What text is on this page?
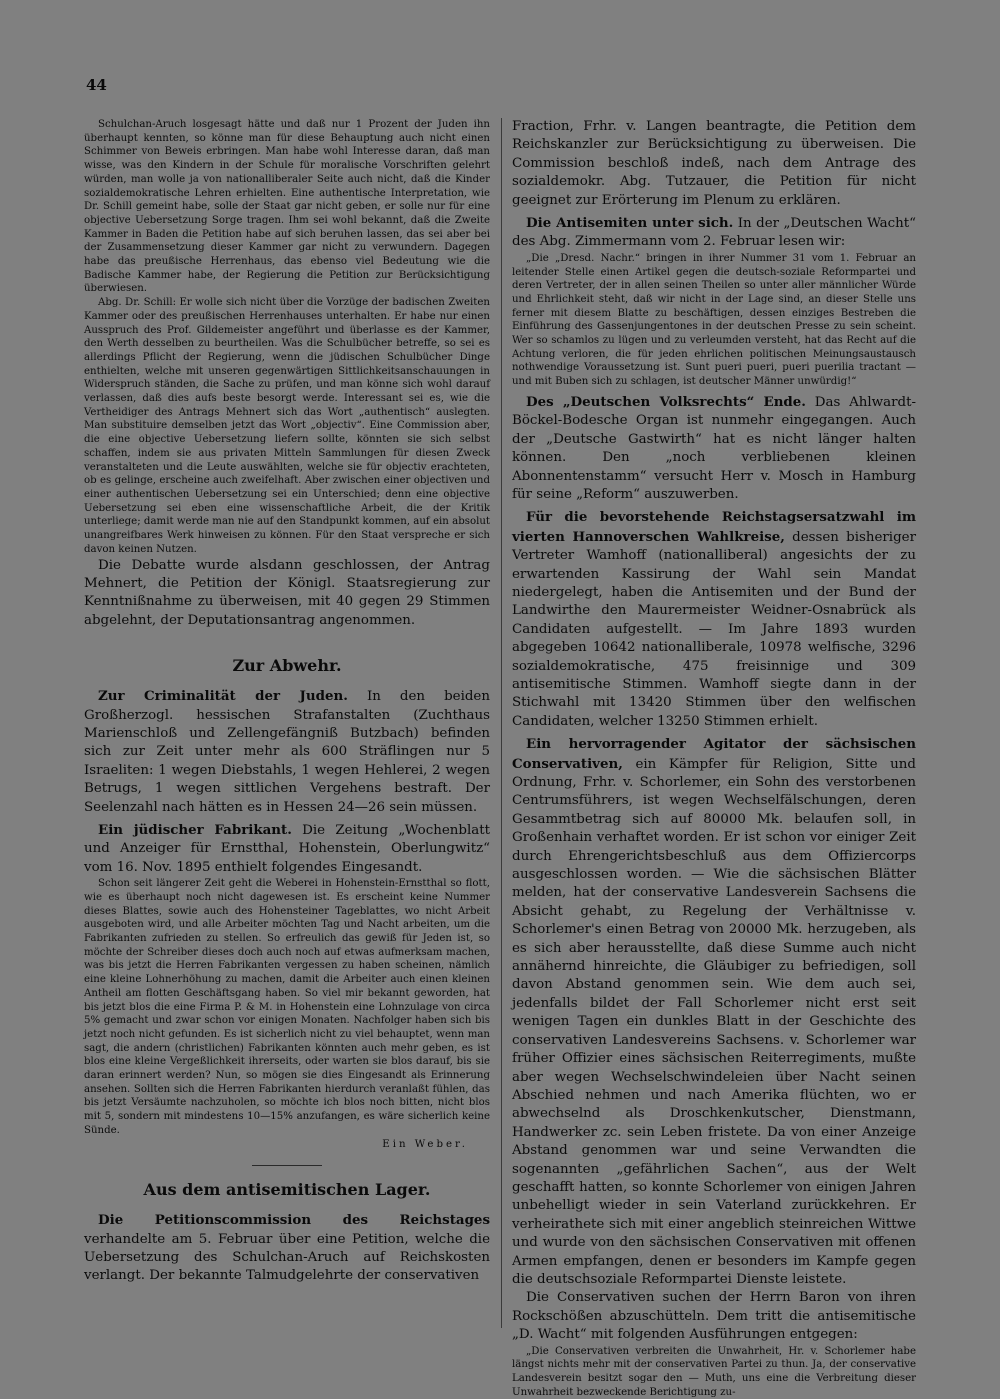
44

Schulchan-Aruch losgesagt hätte und daß nur 1 Prozent der Juden ihn überhaupt kennten, so könne man für diese Behauptung auch nicht einen Schimmer von Beweis erbringen. Man habe wohl Interesse daran, daß man wisse, was den Kindern in der Schule für moralische Vorschriften gelehrt würden, man wolle ja von nationalliberaler Seite auch nicht, daß die Kinder sozialdemokratische Lehren erhielten. Eine authentische Interpretation, wie Dr. Schill gemeint habe, solle der Staat gar nicht geben, er solle nur für eine objective Uebersetzung Sorge tragen. Ihm sei wohl bekannt, daß die Zweite Kammer in Baden die Petition habe auf sich beruhen lassen, das sei aber bei der Zusammensetzung dieser Kammer gar nicht zu verwundern. Dagegen habe das preußische Herrenhaus, das ebenso viel Bedeutung wie die Badische Kammer habe, der Regierung die Petition zur Berücksichtigung überwiesen.

Abg. Dr. Schill: Er wolle sich nicht über die Vorzüge der badischen Zweiten Kammer oder des preußischen Herrenhauses unterhalten. Er habe nur einen Ausspruch des Prof. Gildemeister angeführt und überlasse es der Kammer, den Werth desselben zu beurtheilen. Was die Schulbücher betreffe, so sei es allerdings Pflicht der Regierung, wenn die jüdischen Schulbücher Dinge enthielten, welche mit unseren gegenwärtigen Sittlichkeitsanschauungen in Widerspruch ständen, die Sache zu prüfen, und man könne sich wohl darauf verlassen, daß dies aufs beste besorgt werde. Interessant sei es, wie die Vertheidiger des Antrags Mehnert sich das Wort „authentisch“ auslegten. Man substituire demselben jetzt das Wort „objectiv“. Eine Commission aber, die eine objective Uebersetzung liefern sollte, könnten sie sich selbst schaffen, indem sie aus privaten Mitteln Sammlungen für diesen Zweck veranstalteten und die Leute auswählten, welche sie für objectiv erachteten, ob es gelinge, erscheine auch zweifelhaft. Aber zwischen einer objectiven und einer authentischen Uebersetzung sei ein Unterschied; denn eine objective Uebersetzung sei eben eine wissenschaftliche Arbeit, die der Kritik unterliege; damit werde man nie auf den Standpunkt kommen, auf ein absolut unangreifbares Werk hinweisen zu können. Für den Staat verspreche er sich davon keinen Nutzen.

Die Debatte wurde alsdann geschlossen, der Antrag Mehnert, die Petition der Königl. Staatsregierung zur Kenntnißnahme zu überweisen, mit 40 gegen 29 Stimmen abgelehnt, der Deputationsantrag angenommen.

Zur Abwehr.

Zur Criminalität der Juden. In den beiden Großherzogl. hessischen Strafanstalten (Zuchthaus Marienschloß und Zellengefängniß Butzbach) befinden sich zur Zeit unter mehr als 600 Sträflingen nur 5 Israeliten: 1 wegen Diebstahls, 1 wegen Hehlerei, 2 wegen Betrugs, 1 wegen sittlichen Vergehens bestraft. Der Seelenzahl nach hätten es in Hessen 24—26 sein müssen.

Ein jüdischer Fabrikant. Die Zeitung „Wochenblatt und Anzeiger für Ernstthal, Hohenstein, Oberlungwitz“ vom 16. Nov. 1895 enthielt folgendes Eingesandt.

Schon seit längerer Zeit geht die Weberei in Hohenstein-Ernstthal so flott, wie es überhaupt noch nicht dagewesen ist. Es erscheint keine Nummer dieses Blattes, sowie auch des Hohensteiner Tageblattes, wo nicht Arbeit ausgeboten wird, und alle Arbeiter möchten Tag und Nacht arbeiten, um die Fabrikanten zufrieden zu stellen. So erfreulich das gewiß für Jeden ist, so möchte der Schreiber dieses doch auch noch auf etwas aufmerksam machen, was bis jetzt die Herren Fabrikanten vergessen zu haben scheinen, nämlich eine kleine Lohnerhöhung zu machen, damit die Arbeiter auch einen kleinen Antheil am flotten Geschäftsgang haben. So viel mir bekannt geworden, hat bis jetzt blos die eine Firma P. & M. in Hohenstein eine Lohnzulage von circa 5% gemacht und zwar schon vor einigen Monaten. Nachfolger haben sich bis jetzt noch nicht gefunden. Es ist sicherlich nicht zu viel behauptet, wenn man sagt, die andern (christlichen) Fabrikanten könnten auch mehr geben, es ist blos eine kleine Vergeßlichkeit ihrerseits, oder warten sie blos darauf, bis sie daran erinnert werden? Nun, so mögen sie dies Eingesandt als Erinnerung ansehen. Sollten sich die Herren Fabrikanten hierdurch veranlaßt fühlen, das bis jetzt Versäumte nachzuholen, so möchte ich blos noch bitten, nicht blos mit 5, sondern mit mindestens 10—15% anzufangen, es wäre sicherlich keine Sünde.

Ein Weber.

Aus dem antisemitischen Lager.

Die Petitionscommission des Reichstages verhandelte am 5. Februar über eine Petition, welche die Uebersetzung des Schulchan-Aruch auf Reichskosten verlangt. Der bekannte Talmudgelehrte der conservativen

Fraction, Frhr. v. Langen beantragte, die Petition dem Reichskanzler zur Berücksichtigung zu überweisen. Die Commission beschloß indeß, nach dem Antrage des sozialdemokr. Abg. Tutzauer, die Petition für nicht geeignet zur Erörterung im Plenum zu erklären.

Die Antisemiten unter sich. In der „Deutschen Wacht“ des Abg. Zimmermann vom 2. Februar lesen wir:

„Die „Dresd. Nachr.“ bringen in ihrer Nummer 31 vom 1. Februar an leitender Stelle einen Artikel gegen die deutsch-soziale Reformpartei und deren Vertreter, der in allen seinen Theilen so unter aller männlicher Würde und Ehrlichkeit steht, daß wir nicht in der Lage sind, an dieser Stelle uns ferner mit diesem Blatte zu beschäftigen, dessen einziges Bestreben die Einführung des Gassenjungentones in der deutschen Presse zu sein scheint. Wer so schamlos zu lügen und zu verleumden versteht, hat das Recht auf die Achtung verloren, die für jeden ehrlichen politischen Meinungsaustausch nothwendige Voraussetzung ist. Sunt pueri pueri, pueri puerilia tractant — und mit Buben sich zu schlagen, ist deutscher Männer unwürdig!“

Des „Deutschen Volksrechts“ Ende. Das Ahlwardt-Böckel-Bodesche Organ ist nunmehr eingegangen. Auch der „Deutsche Gastwirth“ hat es nicht länger halten können. Den „noch verbliebenen kleinen Abonnentenstamm“ versucht Herr v. Mosch in Hamburg für seine „Reform“ auszuwerben.

Für die bevorstehende Reichstagsersatzwahl im vierten Hannoverschen Wahlkreise, dessen bisheriger Vertreter Wamhoff (nationalliberal) angesichts der zu erwartenden Kassirung der Wahl sein Mandat niedergelegt, haben die Antisemiten und der Bund der Landwirthe den Maurermeister Weidner-Osnabrück als Candidaten aufgestellt. — Im Jahre 1893 wurden abgegeben 10642 nationalliberale, 10978 welfische, 3296 sozialdemokratische, 475 freisinnige und 309 antisemitische Stimmen. Wamhoff siegte dann in der Stichwahl mit 13420 Stimmen über den welfischen Candidaten, welcher 13250 Stimmen erhielt.

Ein hervorragender Agitator der sächsischen Conservativen, ein Kämpfer für Religion, Sitte und Ordnung, Frhr. v. Schorlemer, ein Sohn des verstorbenen Centrumsführers, ist wegen Wechselfälschungen, deren Gesammtbetrag sich auf 80000 Mk. belaufen soll, in Großenhain verhaftet worden. Er ist schon vor einiger Zeit durch Ehrengerichtsbeschluß aus dem Offiziercorps ausgeschlossen worden. — Wie die sächsischen Blätter melden, hat der conservative Landesverein Sachsens die Absicht gehabt, zu Regelung der Verhältnisse v. Schorlemer's einen Betrag von 20000 Mk. herzugeben, als es sich aber herausstellte, daß diese Summe auch nicht annähernd hinreichte, die Gläubiger zu befriedigen, soll davon Abstand genommen sein. Wie dem auch sei, jedenfalls bildet der Fall Schorlemer nicht erst seit wenigen Tagen ein dunkles Blatt in der Geschichte des conservativen Landesvereins Sachsens. v. Schorlemer war früher Offizier eines sächsischen Reiterregiments, mußte aber wegen Wechselschwindeleien über Nacht seinen Abschied nehmen und nach Amerika flüchten, wo er abwechselnd als Droschkenkutscher, Dienstmann, Handwerker zc. sein Leben fristete. Da von einer Anzeige Abstand genommen war und seine Verwandten die sogenannten „gefährlichen Sachen“, aus der Welt geschafft hatten, so konnte Schorlemer von einigen Jahren unbehelligt wieder in sein Vaterland zurückkehren. Er verheirathete sich mit einer angeblich steinreichen Wittwe und wurde von den sächsischen Conservativen mit offenen Armen empfangen, denen er besonders im Kampfe gegen die deutschsoziale Reformpartei Dienste leistete.

Die Conservativen suchen der Herrn Baron von ihren Rockschößen abzuschütteln. Dem tritt die antisemitische „D. Wacht“ mit folgenden Ausführungen entgegen:

„Die Conservativen verbreiten die Unwahrheit, Hr. v. Schorlemer habe längst nichts mehr mit der conservativen Partei zu thun. Ja, der conservative Landesverein besitzt sogar den — Muth, uns eine die Verbreitung dieser Unwahrheit bezweckende Berichtigung zu-
